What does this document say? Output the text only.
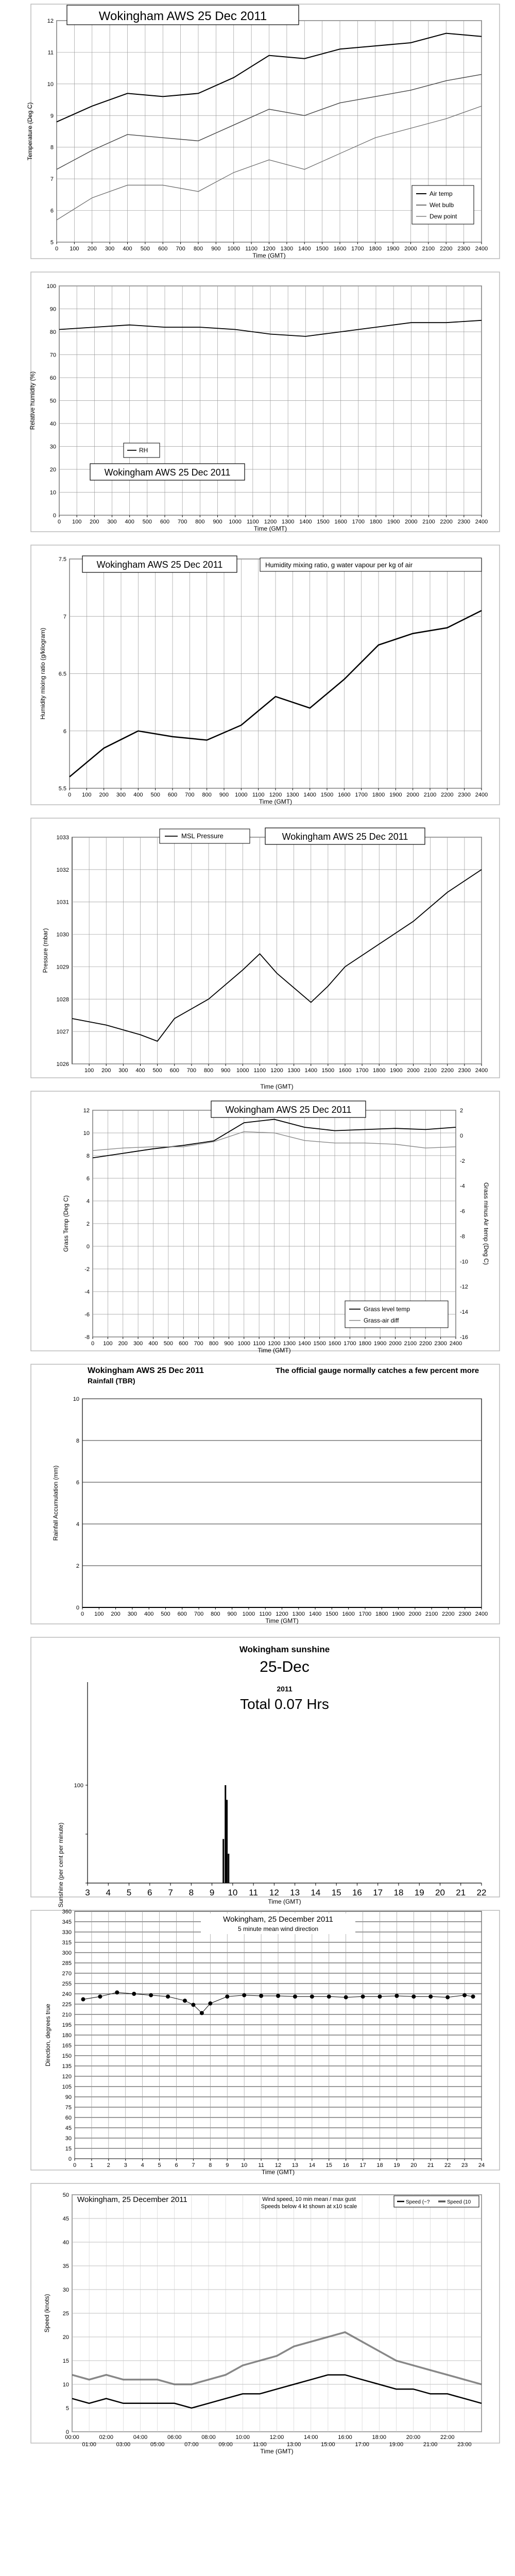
5
6
7
8
9
10
11
12
0 100 200 300 400 500 600 700 800 900 1000 1100 1200 1300 1400 1500 1600 1700 1800 1900 2000 2100 2200 2300 2400
Time (GMT)
Temperature (Deg C)
Wokingham AWS 25 Dec 2011
Air temp
Wet bulb
Dew point
0
10
20
30
40
50
60
70
80
90
100
0 100 200 300 400 500 600 700 800 900 1000 1100 1200 1300 1400 1500 1600 1700 1800 1900 2000 2100 2200 2300 2400
Time (GMT)
Relative humidity (%)
RH
Wokingham AWS 25 Dec 2011
5.5
6
6.5
7
7.5
0 100 200 300 400 500 600 700 800 900 1000 1100 1200 1300 1400 1500 1600 1700 1800 1900 2000 2100 2200 2300 2400
Time (GMT)
Humidity mixing ratio (g/kilogram)
Wokingham AWS 25 Dec 2011	Humidity mixing ratio, g water vapour per kg of air
1026
1027
1028
1029
1030
1031
1032
1033
100 200 300 400 500 600 700 800 900 1000 1100 1200 1300 1400 1500 1600 1700 1800 1900 2000 2100 2200 2300 2400
Time (GMT)
Pressure (mbar)
MSL Pressure	Wokingham AWS 25 Dec 2011
-8
-6
-4
-2
0
2
4
6
8
10
12
0 100 200 300 400 500 600 700 800 900 1000 1100 1200 1300 1400 1500 1600 1700 1800 1900 2000 2100 2200 2300 2400
Time (GMT)
Grass Temp (Deg C)
-16
-14
-12
-10
-8
-6
-4
-2
0
2
Grass minus Air temp (Deg C)
Wokingham AWS 25 Dec 2011
Grass level temp
Grass-air diff
0
2
4
6
8
10
0 100 200 300 400 500 600 700 800 900 1000 1100 1200 1300 1400 1500 1600 1700 1800 1900 2000 2100 2200 2300 2400
Time (GMT)
Rainfall Accumulation (mm)
Wokingham AWS 25 Dec 2011
Rainfall (TBR)
The official gauge normally catches a few percent more
100
3 4 5 6 7 8 9 10 11 12 13 14 15 16 17 18 19 20 21 22
Time (GMT)
Sunshine (per cent per minute)
Wokingham sunshine
25-Dec
2011
Total 0.07 Hrs
0
15
30
45
60
75
90
105
120
135
150
165
180
195
210
225
240
255
270
285
300
315
330
345
360
0 1 2 3 4 5 6 7 8 9 10 11 12 13 14 15 16 17 18 19 20 21 22 23 24
Time (GMT)
Direction, degrees true
Wokingham, 25 December 2011
5 minute mean wind direction
0
5
10
15
20
25
30
35
40
45
50
00:00	02:00	04:00	06:00	08:00	10:00	12:00	14:00	16:00	18:00	20:00	22:00
01:00	03:00	05:00	07:00	09:00	11:00	13:00	15:00	17:00	19:00	21:00	23:00
Time (GMT)
Speed (knots)
Wokingham, 25 December 2011	Wind speed, 10 min mean / max gust
Speeds below 4 kt shown at x10 scale
Speed (~?	Speed (10
